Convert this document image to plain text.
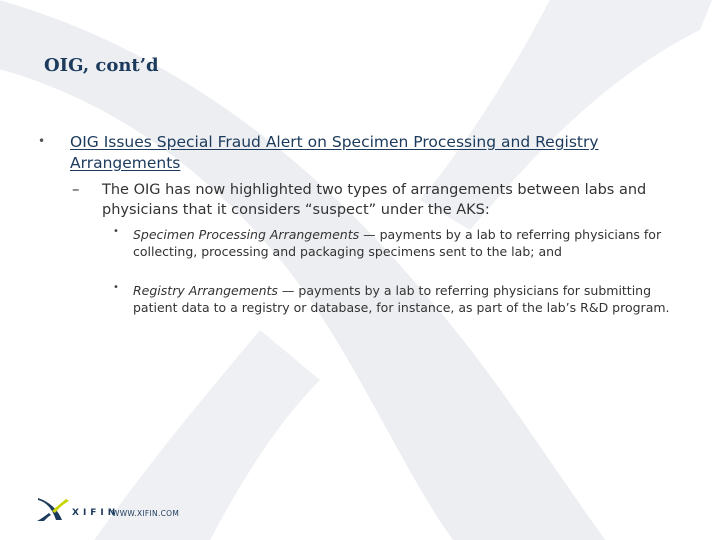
OIG, cont’d
• OIG Issues Special Fraud Alert on Specimen Processing and Registry Arrangements
– The OIG has now highlighted two types of arrangements between labs and physicians that it considers “suspect” under the AKS:
• Specimen Processing Arrangements — payments by a lab to referring physicians for collecting, processing and packaging specimens sent to the lab; and
• Registry Arrangements — payments by a lab to referring physicians for submitting patient data to a registry or database, for instance, as part of the lab’s R&D program.
XIFIN
WWW.XIFIN.COM
